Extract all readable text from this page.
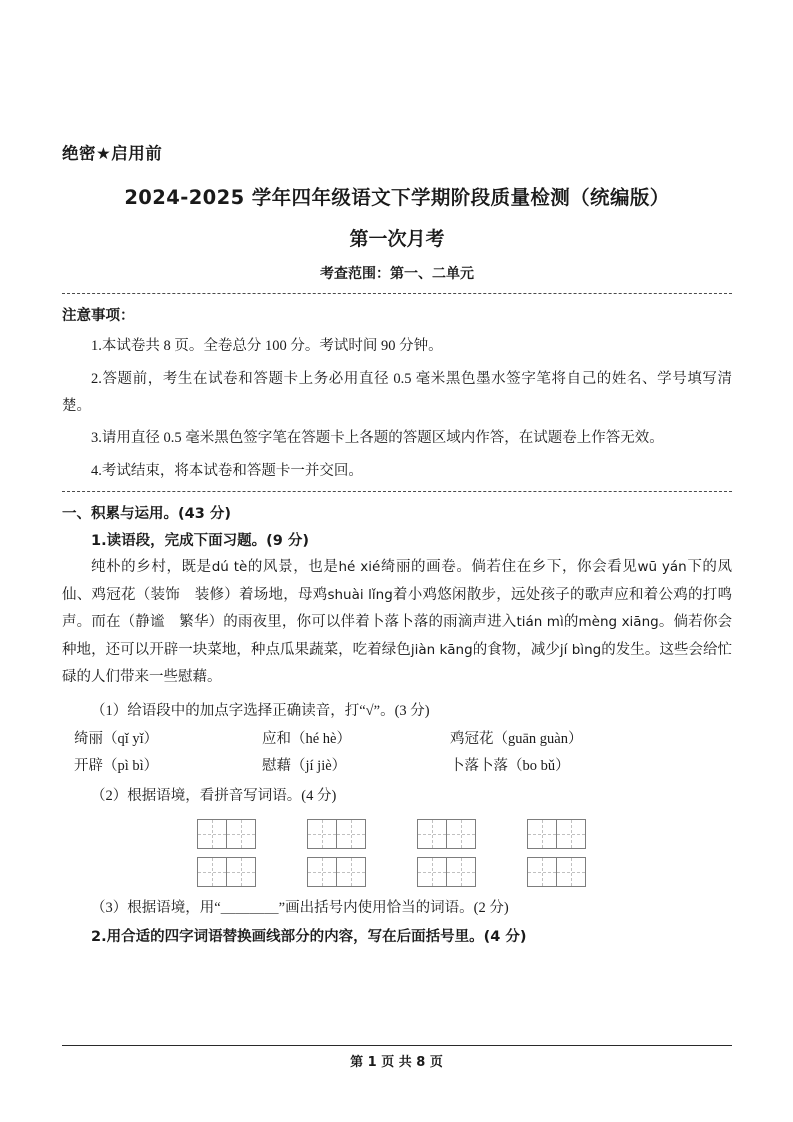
绝密★启用前
2024-2025 学年四年级语文下学期阶段质量检测（统编版）
第一次月考
考查范围：第一、二单元
注意事项：

1.本试卷共 8 页。全卷总分 100 分。考试时间 90 分钟。

2.答题前，考生在试卷和答题卡上务必用直径 0.5 毫米黑色墨水签字笔将自己的姓名、学号填写清楚。

3.请用直径 0.5 毫米黑色签字笔在答题卡上各题的答题区域内作答，在试题卷上作答无效。

4.考试结束，将本试卷和答题卡一并交回。

一、积累与运用。(43 分)
1.读语段，完成下面习题。(9 分)

纯朴的乡村，既是dú tè的风景，也是hé xié绮丽的画卷。倘若住在乡下，你会看见wū yán下的凤仙、鸡冠花（装饰　装修）着场地，母鸡shuài lǐng着小鸡悠闲散步，远处孩子的歌声应和着公鸡的打鸣声。而在（静谧　繁华）的雨夜里，你可以伴着卜落卜落的雨滴声进入tián mì的mèng xiāng。倘若你会种地，还可以开辟一块菜地，种点瓜果蔬菜，吃着绿色jiàn kāng的食物，减少jí bìng的发生。这些会给忙碌的人们带来一些慰藉。

（1）给语段中的加点字选择正确读音，打“√”。(3 分)
绮丽（qǐ yǐ）	应和（hé hè）	鸡冠花（guān guàn）
开辟（pì bì）	慰藉（jí jiè）	卜落卜落（bo bǔ）
（2）根据语境，看拼音写词语。(4 分)
（3）根据语境，用“＿＿＿＿”画出括号内使用恰当的词语。(2 分)
2.用合适的四字词语替换画线部分的内容，写在后面括号里。(4 分)
第 1 页 共 8 页
